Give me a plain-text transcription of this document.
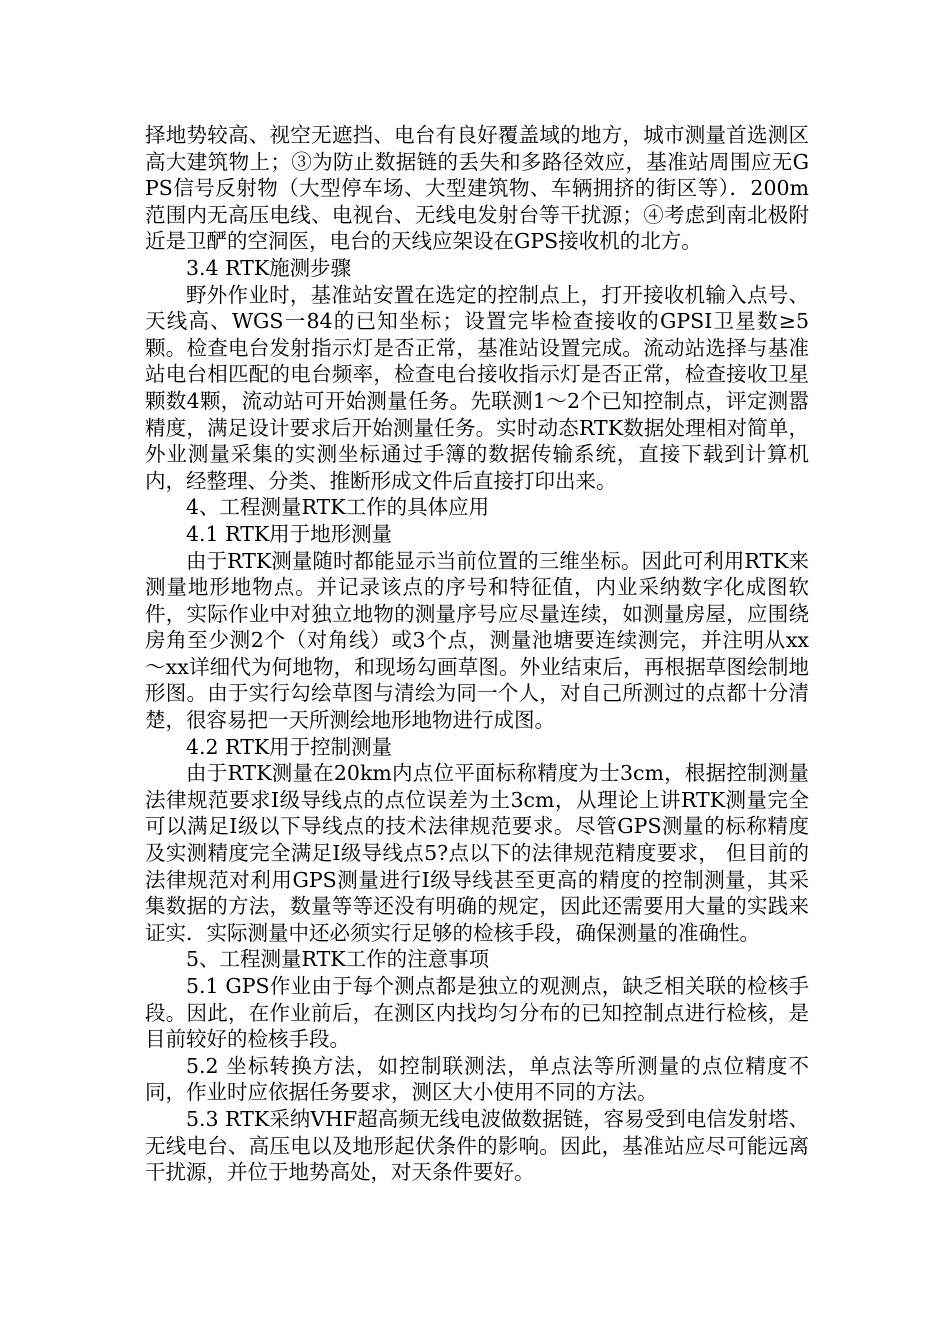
择地势较高、视空无遮挡、电台有良好覆盖域的地方，城市测量首选测区高大建筑物上；③为防止数据链的丢失和多路径效应，基准站周围应无GPS信号反射物（大型停车场、大型建筑物、车辆拥挤的街区等）．200m范围内无高压电线、电视台、无线电发射台等干扰源；④考虑到南北极附近是卫酽的空洞医，电台的天线应架设在GPS接收机的北方。

3.4 RTK施测步骤

野外作业时，基准站安置在选定的控制点上，打开接收机输入点号、天线高、WGS一84的已知坐标；设置完毕检查接收的GPSI卫星数≥5颗。检查电台发射指示灯是否正常，基准站设置完成。流动站选择与基准站电台相匹配的电台频率，检查电台接收指示灯是否正常，检查接收卫星颗数4颗，流动站可开始测量任务。先联测1～2个已知控制点，评定测嚣精度，满足设计要求后开始测量任务。实时动态RTK数据处理相对简单，外业测量采集的实测坐标通过手簿的数据传输系统，直接下载到计算机内，经整理、分类、推断形成文件后直接打印出来。

4、工程测量RTK工作的具体应用

4.1 RTK用于地形测量

由于RTK测量随时都能显示当前位置的三维坐标。因此可利用RTK来测量地形地物点。并记录该点的序号和特征值，内业采纳数字化成图软件，实际作业中对独立地物的测量序号应尽量连续，如测量房屋，应围绕房角至少测2个（对角线）或3个点，测量池塘要连续测完，并注明从xx～xx详细代为何地物，和现场勾画草图。外业结束后，再根据草图绘制地形图。由于实行勾绘草图与清绘为同一个人，对自己所测过的点都十分清楚，很容易把一天所测绘地形地物进行成图。

4.2 RTK用于控制测量

由于RTK测量在20km内点位平面标称精度为士3cm，根据控制测量法律规范要求Ⅰ级导线点的点位误差为土3cm，从理论上讲RTK测量完全可以满足Ⅰ级以下导线点的技术法律规范要求。尽管GPS测量的标称精度及实测精度完全满足Ⅰ级导线点5?点以下的法律规范精度要求， 但目前的法律规范对利用GPS测量进行Ⅰ级导线甚至更高的精度的控制测量，其采集数据的方法，数量等等还没有明确的规定，因此还需要用大量的实践来证实．实际测量中还必须实行足够的检核手段，确保测量的准确性。

5、工程测量RTK工作的注意事项

5.1 GPS作业由于每个测点都是独立的观测点，缺乏相关联的检核手段。因此，在作业前后，在测区内找均匀分布的已知控制点进行检核，是目前较好的检核手段。

5.2 坐标转换方法，如控制联测法，单点法等所测量的点位精度不同，作业时应依据任务要求，测区大小使用不同的方法。

5.3 RTK采纳VHF超高频无线电波做数据链，容易受到电信发射塔、无线电台、高压电以及地形起伏条件的影响。因此，基准站应尽可能远离干扰源，并位于地势高处，对天条件要好。
